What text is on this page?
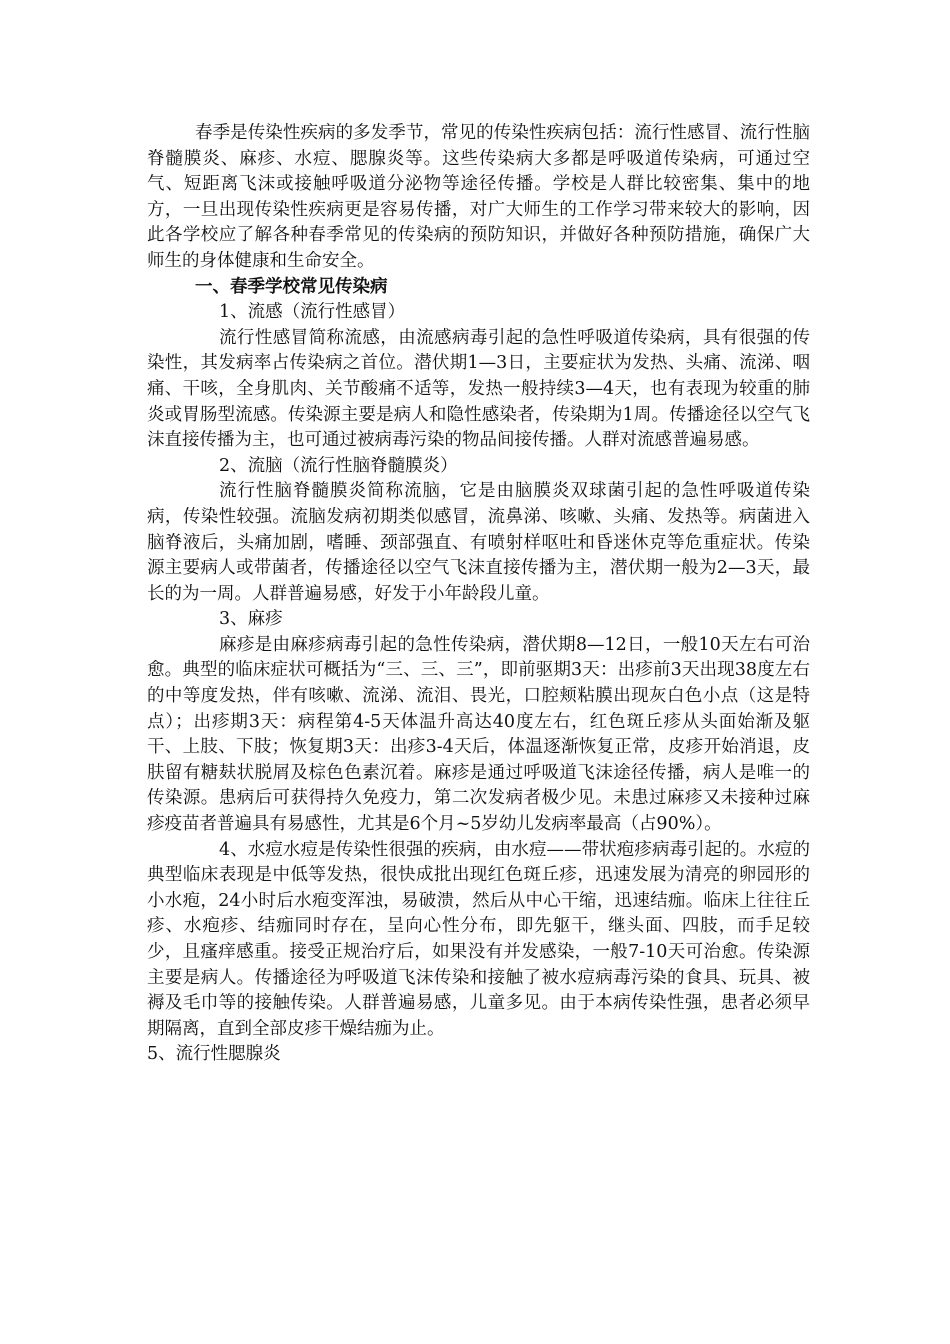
春季是传染性疾病的多发季节，常见的传染性疾病包括：流行性感冒、流行性脑脊髓膜炎、麻疹、水痘、腮腺炎等。这些传染病大多都是呼吸道传染病，可通过空气、短距离飞沫或接触呼吸道分泌物等途径传播。学校是人群比较密集、集中的地方，一旦出现传染性疾病更是容易传播，对广大师生的工作学习带来较大的影响，因此各学校应了解各种春季常见的传染病的预防知识，并做好各种预防措施，确保广大师生的身体健康和生命安全。

一、春季学校常见传染病

1、流感（流行性感冒）

流行性感冒简称流感，由流感病毒引起的急性呼吸道传染病，具有很强的传染性，其发病率占传染病之首位。潜伏期1—3日，主要症状为发热、头痛、流涕、咽痛、干咳，全身肌肉、关节酸痛不适等，发热一般持续3—4天，也有表现为较重的肺炎或胃肠型流感。传染源主要是病人和隐性感染者，传染期为1周。传播途径以空气飞沫直接传播为主，也可通过被病毒污染的物品间接传播。人群对流感普遍易感。

2、流脑（流行性脑脊髓膜炎）

流行性脑脊髓膜炎简称流脑，它是由脑膜炎双球菌引起的急性呼吸道传染病，传染性较强。流脑发病初期类似感冒，流鼻涕、咳嗽、头痛、发热等。病菌进入脑脊液后，头痛加剧，嗜睡、颈部强直、有喷射样呕吐和昏迷休克等危重症状。传染源主要病人或带菌者，传播途径以空气飞沫直接传播为主，潜伏期一般为2—3天，最长的为一周。人群普遍易感，好发于小年龄段儿童。

3、麻疹

麻疹是由麻疹病毒引起的急性传染病，潜伏期8—12日，一般10天左右可治愈。典型的临床症状可概括为“三、三、三”，即前驱期3天：出疹前3天出现38度左右的中等度发热，伴有咳嗽、流涕、流泪、畏光，口腔颊粘膜出现灰白色小点（这是特点）；出疹期3天：病程第4-5天体温升高达40度左右，红色斑丘疹从头面始渐及躯干、上肢、下肢；恢复期3天：出疹3-4天后，体温逐渐恢复正常，皮疹开始消退，皮肤留有糖麸状脱屑及棕色色素沉着。麻疹是通过呼吸道飞沫途径传播，病人是唯一的传染源。患病后可获得持久免疫力，第二次发病者极少见。未患过麻疹又未接种过麻疹疫苗者普遍具有易感性，尤其是6个月~5岁幼儿发病率最高（占90%）。

4、水痘水痘是传染性很强的疾病，由水痘——带状疱疹病毒引起的。水痘的典型临床表现是中低等发热，很快成批出现红色斑丘疹，迅速发展为清亮的卵园形的小水疱，24小时后水疱变浑浊，易破溃，然后从中心干缩，迅速结痂。临床上往往丘疹、水疱疹、结痂同时存在，呈向心性分布，即先躯干，继头面、四肢，而手足较少，且瘙痒感重。接受正规治疗后，如果没有并发感染，一般7-10天可治愈。传染源主要是病人。传播途径为呼吸道飞沫传染和接触了被水痘病毒污染的食具、玩具、被褥及毛巾等的接触传染。人群普遍易感，儿童多见。由于本病传染性强，患者必须早期隔离，直到全部皮疹干燥结痂为止。

5、流行性腮腺炎
